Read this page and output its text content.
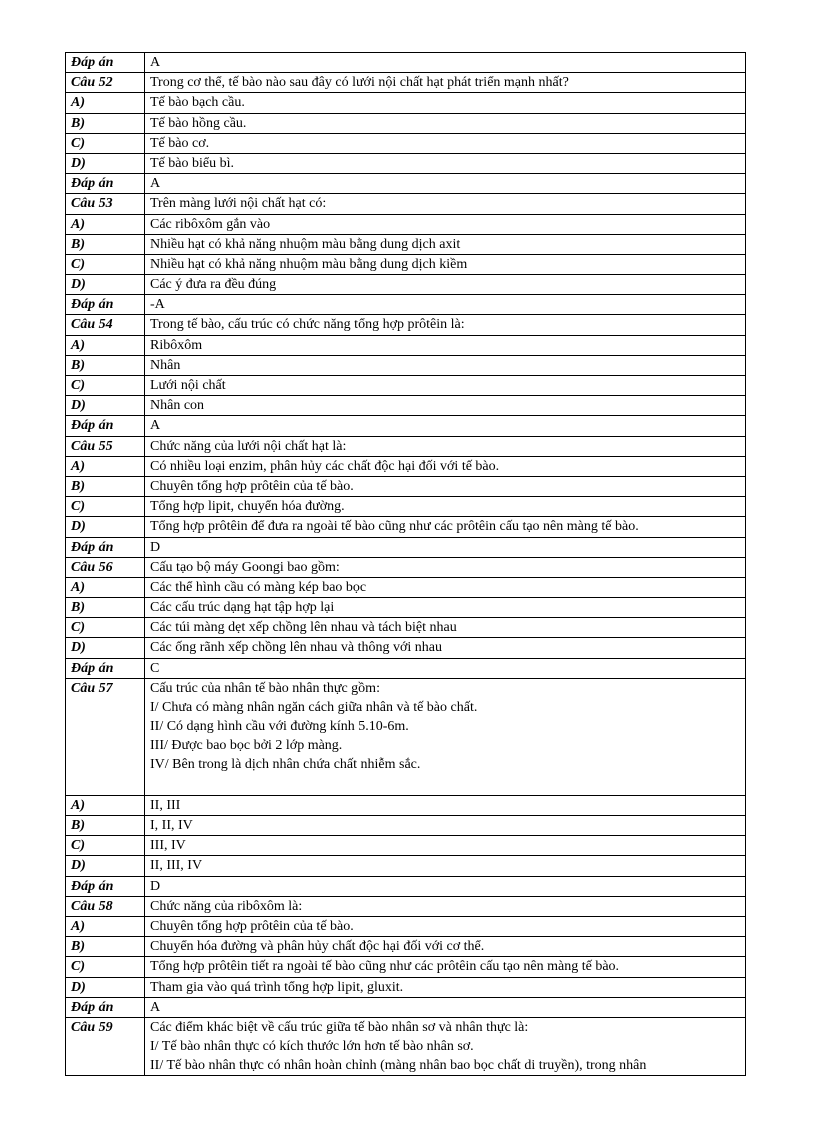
Đáp án	A
Câu 52	Trong cơ thể, tế bào nào sau đây có lưới nội chất hạt phát triển mạnh nhất?
A)	Tế bào bạch cầu.
B)	Tế bào hồng cầu.
C)	Tế bào cơ.
D)	Tế bào biểu bì.
Đáp án	A
Câu 53	Trên màng lưới nội chất hạt có:
A)	Các ribôxôm gắn vào
B)	Nhiều hạt có khả năng nhuộm màu bằng dung dịch axit
C)	Nhiều hạt có khả năng nhuộm màu bằng dung dịch kiềm
D)	Các ý đưa ra đều đúng
Đáp án	-A
Câu 54	Trong tế bào, cấu trúc có chức năng tổng hợp prôtêin là:
A)	Ribôxôm
B)	Nhân
C)	Lưới nội chất
D)	Nhân con
Đáp án	A
Câu 55	Chức năng của lưới nội chất hạt là:
A)	Có nhiều loại enzim, phân hủy các chất độc hại đối với tế bào.
B)	Chuyên tổng hợp prôtêin của tế bào.
C)	Tổng hợp lipit, chuyển hóa đường.
D)	Tổng hợp prôtêin để đưa ra ngoài tế bào cũng như các prôtêin cấu tạo nên màng tế bào.
Đáp án	D
Câu 56	Cấu tạo bộ máy Goongi bao gồm:
A)	Các thể hình cầu có màng kép bao bọc
B)	Các cấu trúc dạng hạt tập hợp lại
C)	Các túi màng dẹt xếp chồng lên nhau và tách biệt nhau
D)	Các ống rãnh xếp chồng lên nhau và thông với nhau
Đáp án	C
Câu 57	Cấu trúc của nhân tế bào nhân thực gồm:
I/ Chưa có màng nhân ngăn cách giữa nhân và tế bào chất.
II/ Có dạng hình cầu với đường kính 5.10-6m.
III/ Được bao bọc bởi 2 lớp màng.
IV/ Bên trong là dịch nhân chứa chất nhiễm sắc.

A)	II, III
B)	I, II, IV
C)	III, IV
D)	II, III, IV
Đáp án	D
Câu 58	Chức năng của ribôxôm là:
A)	Chuyên tổng hợp prôtêin của tế bào.
B)	Chuyển hóa đường và phân hủy chất độc hại đối với cơ thể.
C)	Tổng hợp prôtêin tiết ra ngoài tế bào cũng như các prôtêin cấu tạo nên màng tế bào.
D)	Tham gia vào quá trình tổng hợp lipit, gluxit.
Đáp án	A
Câu 59	Các điểm khác biệt về cấu trúc giữa tế bào nhân sơ và nhân thực là:
I/ Tế bào nhân thực có kích thước lớn hơn tế bào nhân sơ.
II/ Tế bào nhân thực có nhân hoàn chỉnh (màng nhân bao bọc chất di truyền), trong nhân
